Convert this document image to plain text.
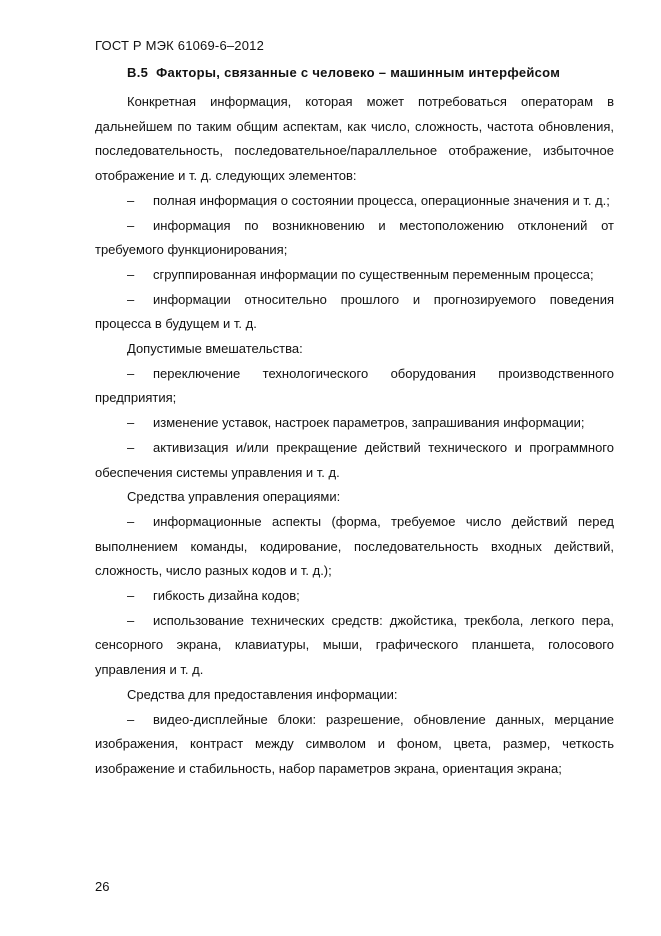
ГОСТ Р МЭК 61069-6–2012
В.5 Факторы, связанные с человеко – машинным интерфейсом

Конкретная информация, которая может потребоваться операторам в дальнейшем по таким общим аспектам, как число, сложность, частота обновления, последовательность, последовательное/параллельное отображение, избыточное отображение и т. д. следующих элементов:

– полная информация о состоянии процесса, операционные значения и т. д.;

– информация по возникновению и местоположению отклонений от требуемого функционирования;

– сгруппированная информации по существенным переменным процесса;

– информации относительно прошлого и прогнозируемого поведения процесса в будущем и т. д.

Допустимые вмешательства:

– переключение технологического оборудования производственного предприятия;

– изменение уставок, настроек параметров, запрашивания информации;

– активизация и/или прекращение действий технического и программного обеспечения системы управления и т. д.

Средства управления операциями:

– информационные аспекты (форма, требуемое число действий перед выполнением команды, кодирование, последовательность входных действий, сложность, число разных кодов и т. д.);

– гибкость дизайна кодов;

– использование технических средств: джойстика, трекбола, легкого пера, сенсорного экрана, клавиатуры, мыши, графического планшета, голосового управления и т. д.

Средства для предоставления информации:

– видео-дисплейные блоки: разрешение, обновление данных, мерцание изображения, контраст между символом и фоном, цвета, размер, четкость изображение и стабильность, набор параметров экрана, ориентация экрана;

26
